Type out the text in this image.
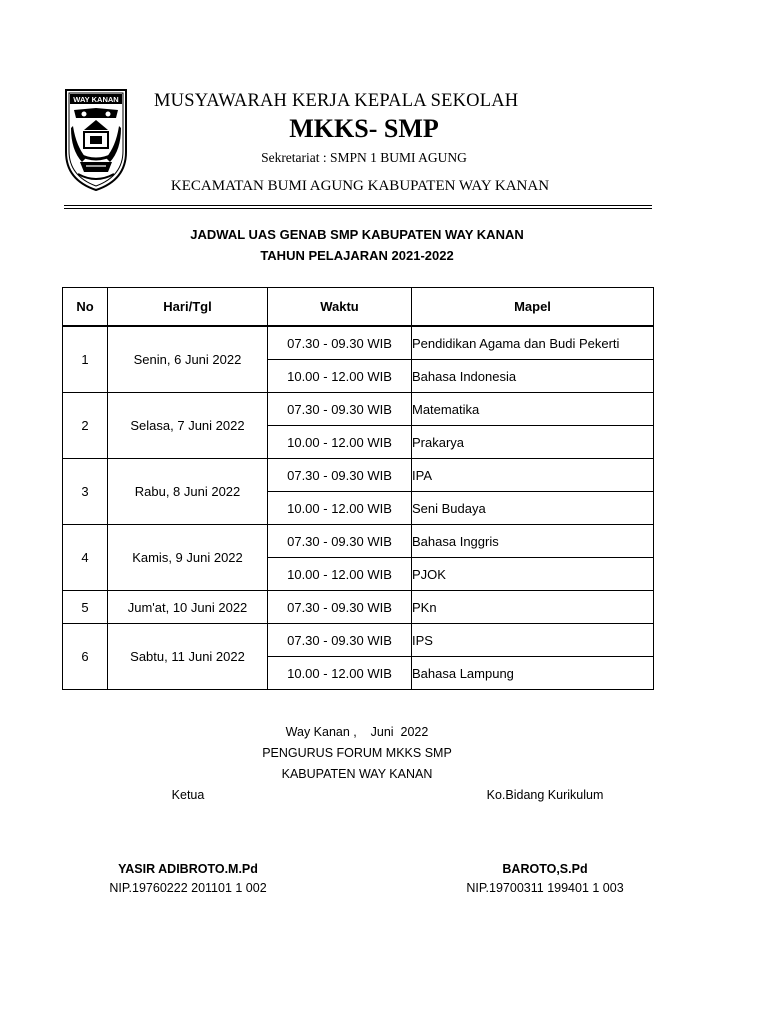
WAY KANAN MUSYAWARAH KERJA KEPALA SEKOLAH
MKKS- SMP
Sekretariat : SMPN 1 BUMI AGUNG
KECAMATAN BUMI AGUNG KABUPATEN WAY KANAN
JADWAL UAS GENAB SMP KABUPATEN WAY KANAN
TAHUN PELAJARAN 2021-2022
No	Hari/Tgl	Waktu	Mapel
1	Senin, 6 Juni 2022	07.30 - 09.30 WIB	Pendidikan Agama dan Budi Pekerti
		10.00 - 12.00 WIB	Bahasa Indonesia
2	Selasa, 7 Juni 2022	07.30 - 09.30 WIB	Matematika
		10.00 - 12.00 WIB	Prakarya
3	Rabu, 8 Juni 2022	07.30 - 09.30 WIB	IPA
		10.00 - 12.00 WIB	Seni Budaya
4	Kamis, 9 Juni 2022	07.30 - 09.30 WIB	Bahasa Inggris
		10.00 - 12.00 WIB	PJOK
5	Jum'at, 10 Juni 2022	07.30 - 09.30 WIB	PKn
6	Sabtu, 11 Juni 2022	07.30 - 09.30 WIB	IPS
		10.00 - 12.00 WIB	Bahasa Lampung
Way Kanan ,    Juni  2022
PENGURUS FORUM MKKS SMP
KABUPATEN WAY KANAN
Ketua	Ko.Bidang Kurikulum
YASIR ADIBROTO.M.Pd
NIP.19760222 201101 1 002
BAROTO,S.Pd
NIP.19700311 199401 1 003
